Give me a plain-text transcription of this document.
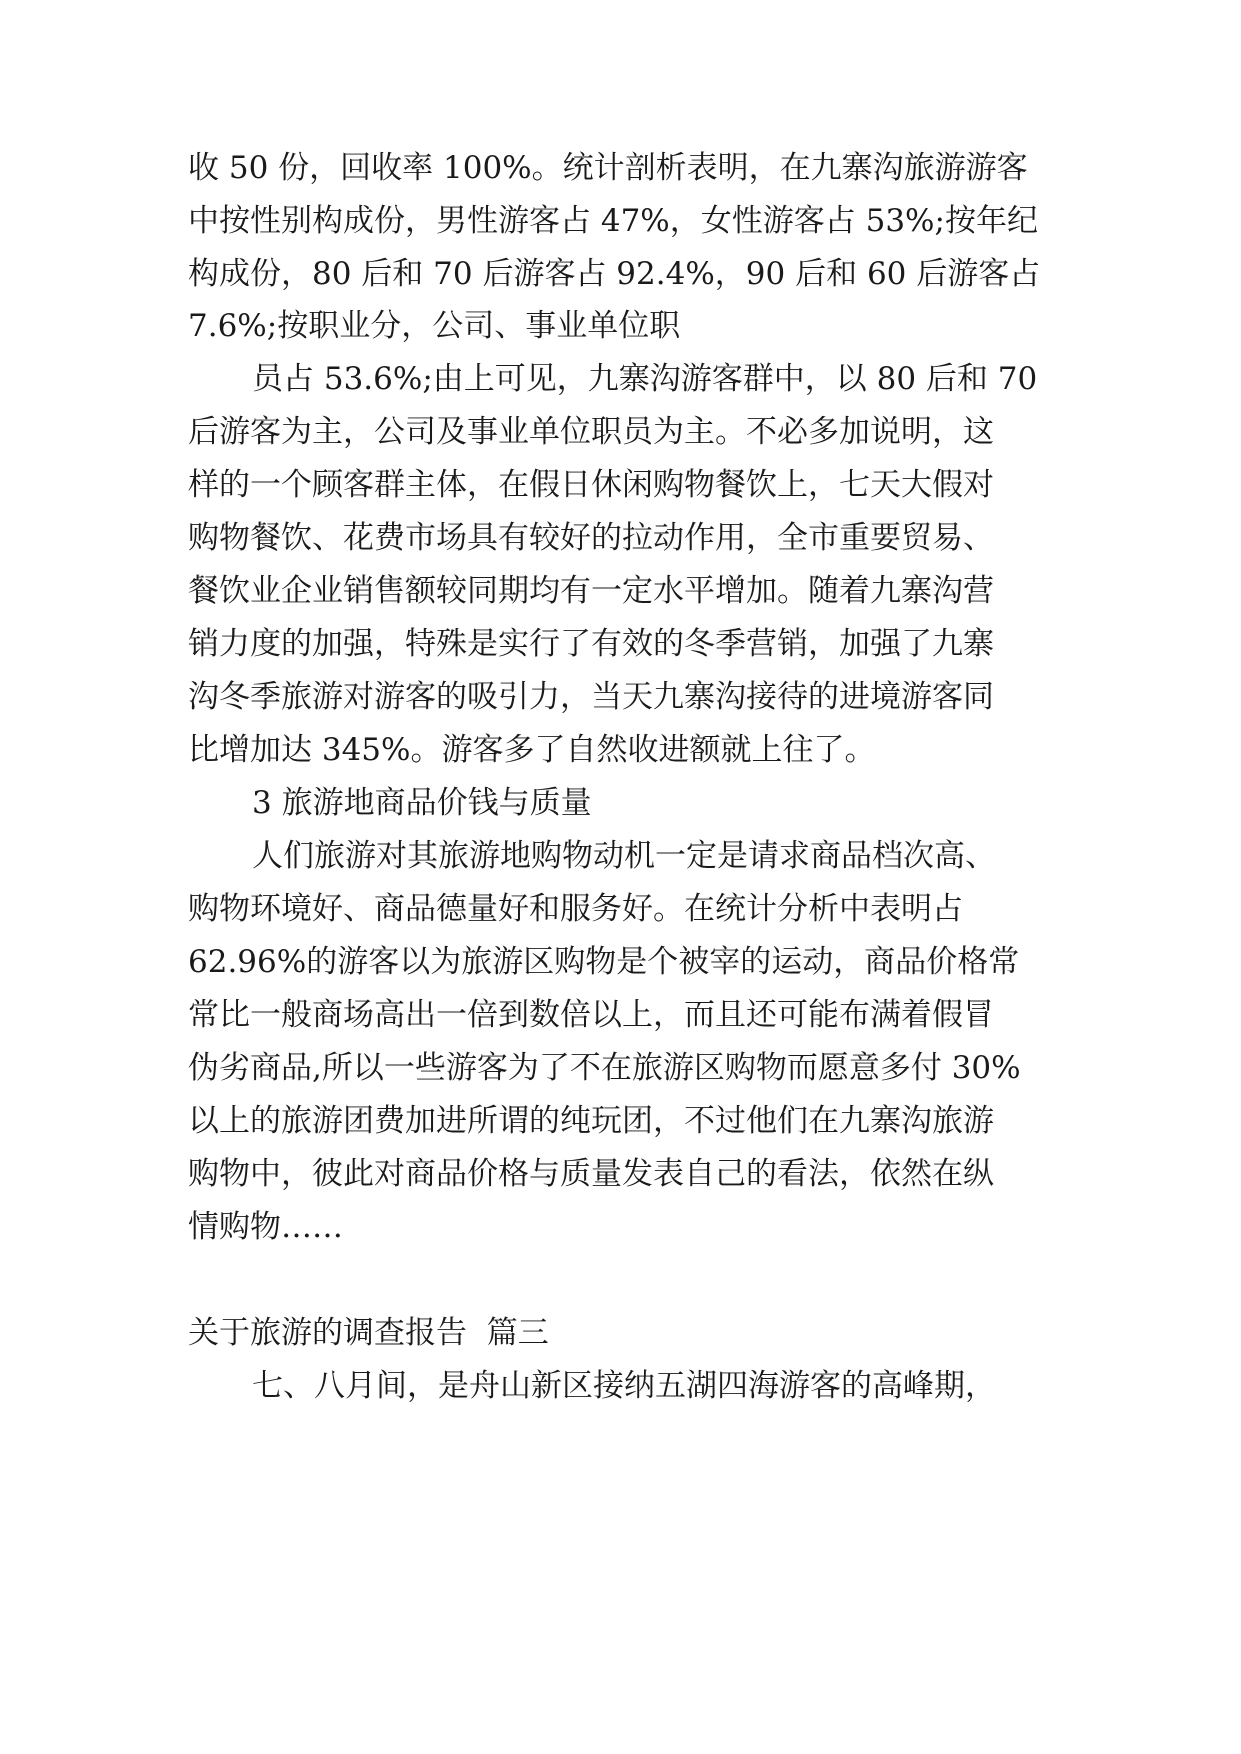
收 50 份，回收率 100%。统计剖析表明，在九寨沟旅游游客

中按性别构成份，男性游客占 47%，女性游客占 53%;按年纪

构成份，80 后和 70 后游客占 92.4%，90 后和 60 后游客占

7.6%;按职业分，公司、事业单位职

员占 53.6%;由上可见，九寨沟游客群中，以 80 后和 70

后游客为主，公司及事业单位职员为主。不必多加说明，这

样的一个顾客群主体，在假日休闲购物餐饮上，七天大假对

购物餐饮、花费市场具有较好的拉动作用，全市重要贸易、

餐饮业企业销售额较同期均有一定水平增加。随着九寨沟营

销力度的加强，特殊是实行了有效的冬季营销，加强了九寨

沟冬季旅游对游客的吸引力，当天九寨沟接待的进境游客同

比增加达 345%。游客多了自然收进额就上往了。

3 旅游地商品价钱与质量

人们旅游对其旅游地购物动机一定是请求商品档次高、

购物环境好、商品德量好和服务好。在统计分析中表明占

62.96%的游客以为旅游区购物是个被宰的运动，商品价格常

常比一般商场高出一倍到数倍以上，而且还可能布满着假冒

伪劣商品,所以一些游客为了不在旅游区购物而愿意多付 30%

以上的旅游团费加进所谓的纯玩团，不过他们在九寨沟旅游

购物中，彼此对商品价格与质量发表自己的看法，依然在纵

情购物……

关于旅游的调查报告  篇三

七、八月间，是舟山新区接纳五湖四海游客的高峰期，
